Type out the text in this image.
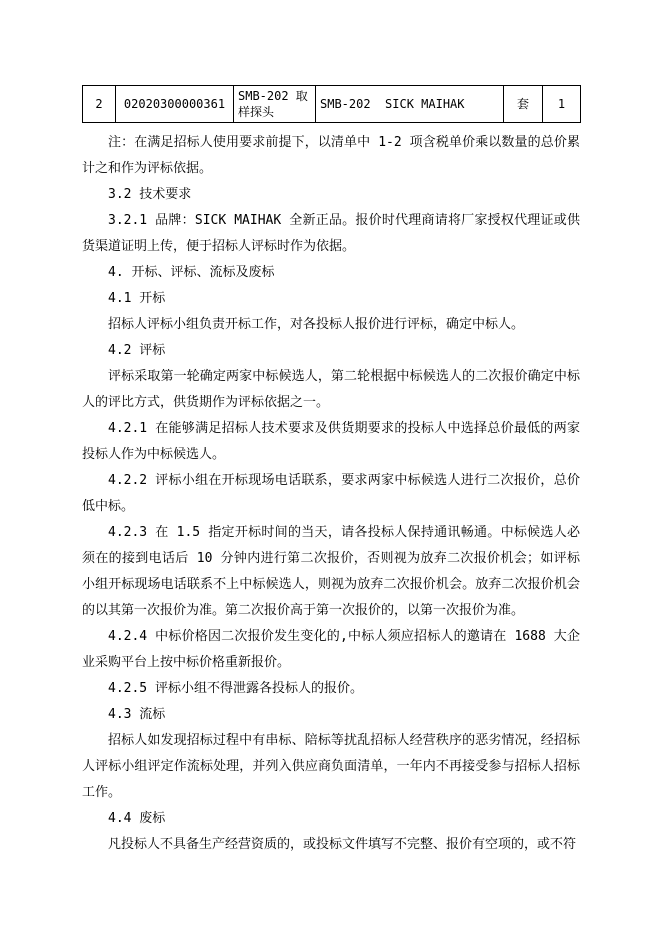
2	02020300000361	SMB-202 取样探头	SMB-202  SICK MAIHAK	套	1

注：在满足招标人使用要求前提下，以清单中 1-2 项含税单价乘以数量的总价累计之和作为评标依据。

3.2 技术要求

3.2.1 品牌：SICK MAIHAK 全新正品。报价时代理商请将厂家授权代理证或供货渠道证明上传，便于招标人评标时作为依据。

4. 开标、评标、流标及废标

4.1 开标

招标人评标小组负责开标工作，对各投标人报价进行评标，确定中标人。

4.2 评标

评标采取第一轮确定两家中标候选人，第二轮根据中标候选人的二次报价确定中标人的评比方式，供货期作为评标依据之一。

4.2.1 在能够满足招标人技术要求及供货期要求的投标人中选择总价最低的两家投标人作为中标候选人。

4.2.2 评标小组在开标现场电话联系，要求两家中标候选人进行二次报价，总价低中标。

4.2.3 在 1.5 指定开标时间的当天，请各投标人保持通讯畅通。中标候选人必须在的接到电话后 10 分钟内进行第二次报价，否则视为放弃二次报价机会；如评标小组开标现场电话联系不上中标候选人，则视为放弃二次报价机会。放弃二次报价机会的以其第一次报价为准。第二次报价高于第一次报价的，以第一次报价为准。

4.2.4 中标价格因二次报价发生变化的,中标人须应招标人的邀请在 1688 大企业采购平台上按中标价格重新报价。

4.2.5 评标小组不得泄露各投标人的报价。

4.3 流标

招标人如发现招标过程中有串标、陪标等扰乱招标人经营秩序的恶劣情况，经招标人评标小组评定作流标处理，并列入供应商负面清单，一年内不再接受参与招标人招标工作。

4.4 废标

凡投标人不具备生产经营资质的，或投标文件填写不完整、报价有空项的，或不符
